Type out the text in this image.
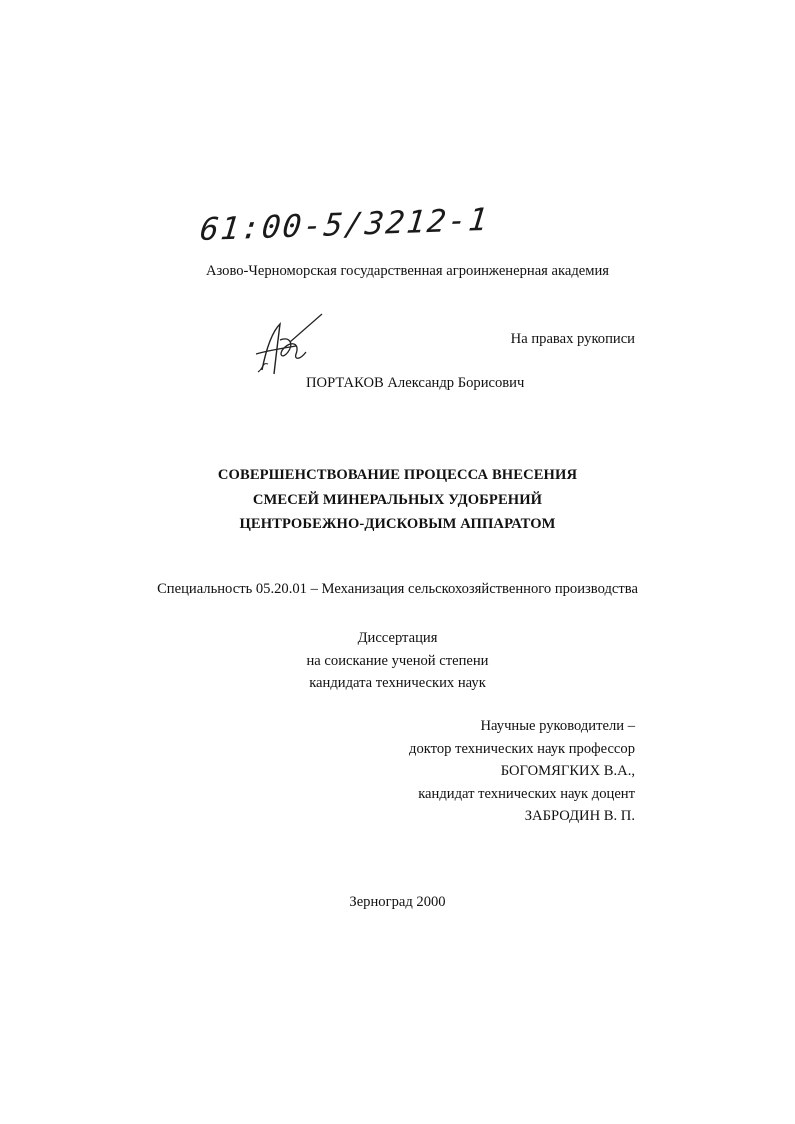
61:00-5/3212-1
Азово-Черноморская государственная агроинженерная академия
На правах рукописи
ПОРТАКОВ Александр Борисович
СОВЕРШЕНСТВОВАНИЕ ПРОЦЕССА ВНЕСЕНИЯ
СМЕСЕЙ МИНЕРАЛЬНЫХ УДОБРЕНИЙ
ЦЕНТРОБЕЖНО-ДИСКОВЫМ АППАРАТОМ
Специальность 05.20.01 – Механизация сельскохозяйственного производства
Диссертация
на соискание ученой степени
кандидата технических наук
Научные руководители –
доктор технических наук профессор
БОГОМЯГКИХ В.А.,
кандидат технических наук доцент
ЗАБРОДИН В. П.
Зерноград 2000
